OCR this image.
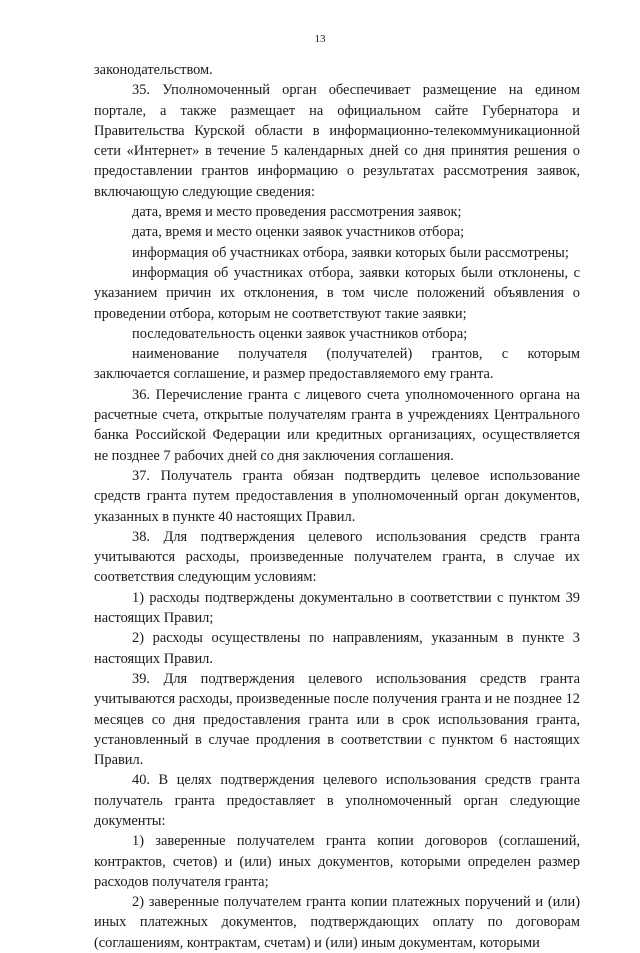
13

законодательством.

35. Уполномоченный орган обеспечивает размещение на едином портале, а также размещает на официальном сайте Губернатора и Правительства Курской области в информационно-телекоммуникационной сети «Интернет» в течение 5 календарных дней со дня принятия решения о предоставлении грантов информацию о результатах рассмотрения заявок, включающую следующие сведения:

дата, время и место проведения рассмотрения заявок;

дата, время и место оценки заявок участников отбора;

информация об участниках отбора, заявки которых были рассмотрены;

информация об участниках отбора, заявки которых были отклонены, с указанием причин их отклонения, в том числе положений объявления о проведении отбора, которым не соответствуют такие заявки;

последовательность оценки заявок участников отбора;

наименование получателя (получателей) грантов, с которым заключается соглашение, и размер предоставляемого ему гранта.

36. Перечисление гранта с лицевого счета уполномоченного органа на расчетные счета, открытые получателям гранта в учреждениях Центрального банка Российской Федерации или кредитных организациях, осуществляется не позднее 7 рабочих дней со дня заключения соглашения.

37. Получатель гранта обязан подтвердить целевое использование средств гранта путем предоставления в уполномоченный орган документов, указанных в пункте 40 настоящих Правил.

38. Для подтверждения целевого использования средств гранта учитываются расходы, произведенные получателем гранта, в случае их соответствия следующим условиям:

1) расходы подтверждены документально в соответствии с пунктом 39 настоящих Правил;

2) расходы осуществлены по направлениям, указанным в пункте 3 настоящих Правил.

39. Для подтверждения целевого использования средств гранта учитываются расходы, произведенные после получения гранта и не позднее 12 месяцев со дня предоставления гранта или в срок использования гранта, установленный в случае продления в соответствии с пунктом 6 настоящих Правил.

40. В целях подтверждения целевого использования средств гранта получатель гранта предоставляет в уполномоченный орган следующие документы:

1) заверенные получателем гранта копии договоров (соглашений, контрактов, счетов) и (или) иных документов, которыми определен размер расходов получателя гранта;

2) заверенные получателем гранта копии платежных поручений и (или) иных платежных документов, подтверждающих оплату по договорам (соглашениям, контрактам, счетам) и (или) иным документам, которыми
